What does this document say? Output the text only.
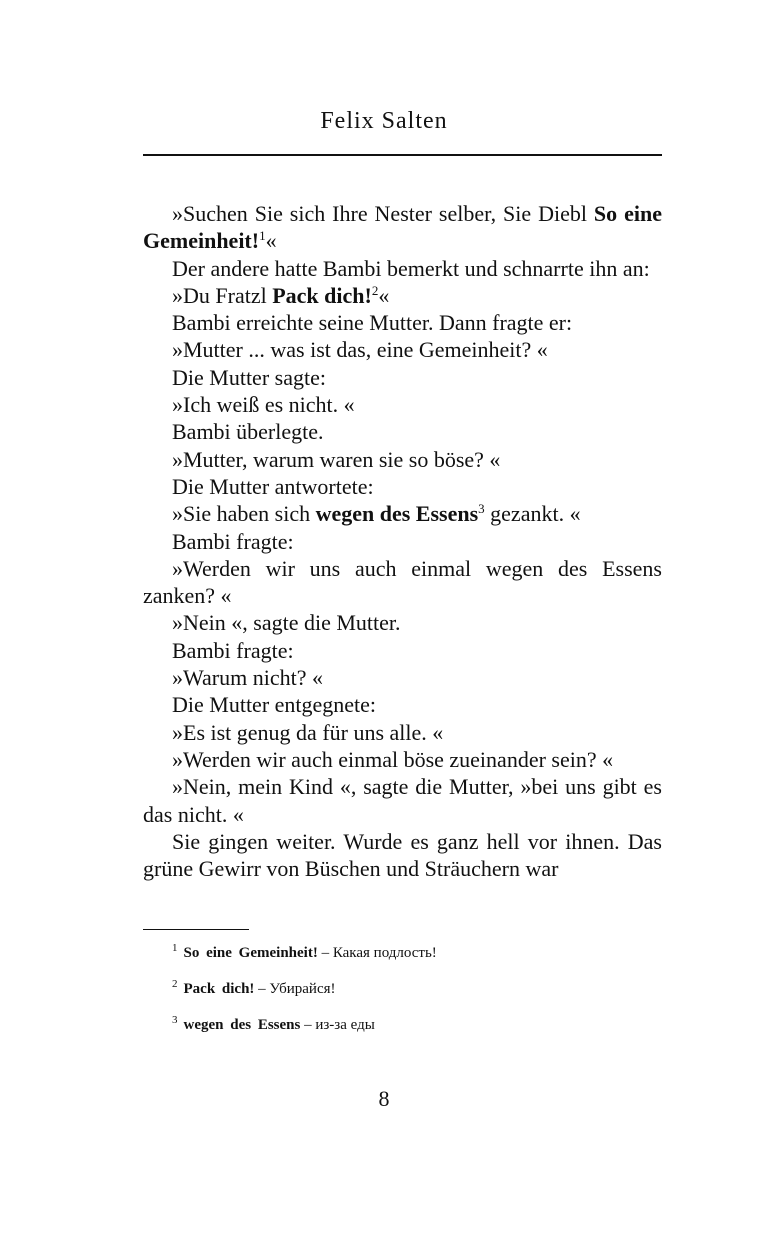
Felix Salten

»Suchen Sie sich Ihre Nester selber, Sie Diebl So eine Gemeinheit!$^1$«

Der andere hatte Bambi bemerkt und schnarrte ihn an:

»Du Fratzl Pack dich!$^2$«

Bambi erreichte seine Mutter. Dann fragte er:

»Mutter ... was ist das, eine Gemeinheit? «

Die Mutter sagte:

»Ich weiß es nicht. «

Bambi überlegte.

»Mutter, warum waren sie so böse? «

Die Mutter antwortete:

»Sie haben sich wegen des Essens$^3$ gezankt. «

Bambi fragte:

»Werden wir uns auch einmal wegen des Essens zanken? «

»Nein «, sagte die Mutter.

Bambi fragte:

»Warum nicht? «

Die Mutter entgegnete:

»Es ist genug da für uns alle. «

»Werden wir auch einmal böse zueinander sein? «

»Nein, mein Kind «, sagte die Mutter, »bei uns gibt es das nicht. «

Sie gingen weiter. Wurde es ganz hell vor ihnen. Das grüne Gewirr von Büschen und Sträuchern war

$^1$ So eine Gemeinheit! – Какая подлость!
$^2$ Pack dich! – Убирайся!
$^3$ wegen des Essens – из-за еды
8
